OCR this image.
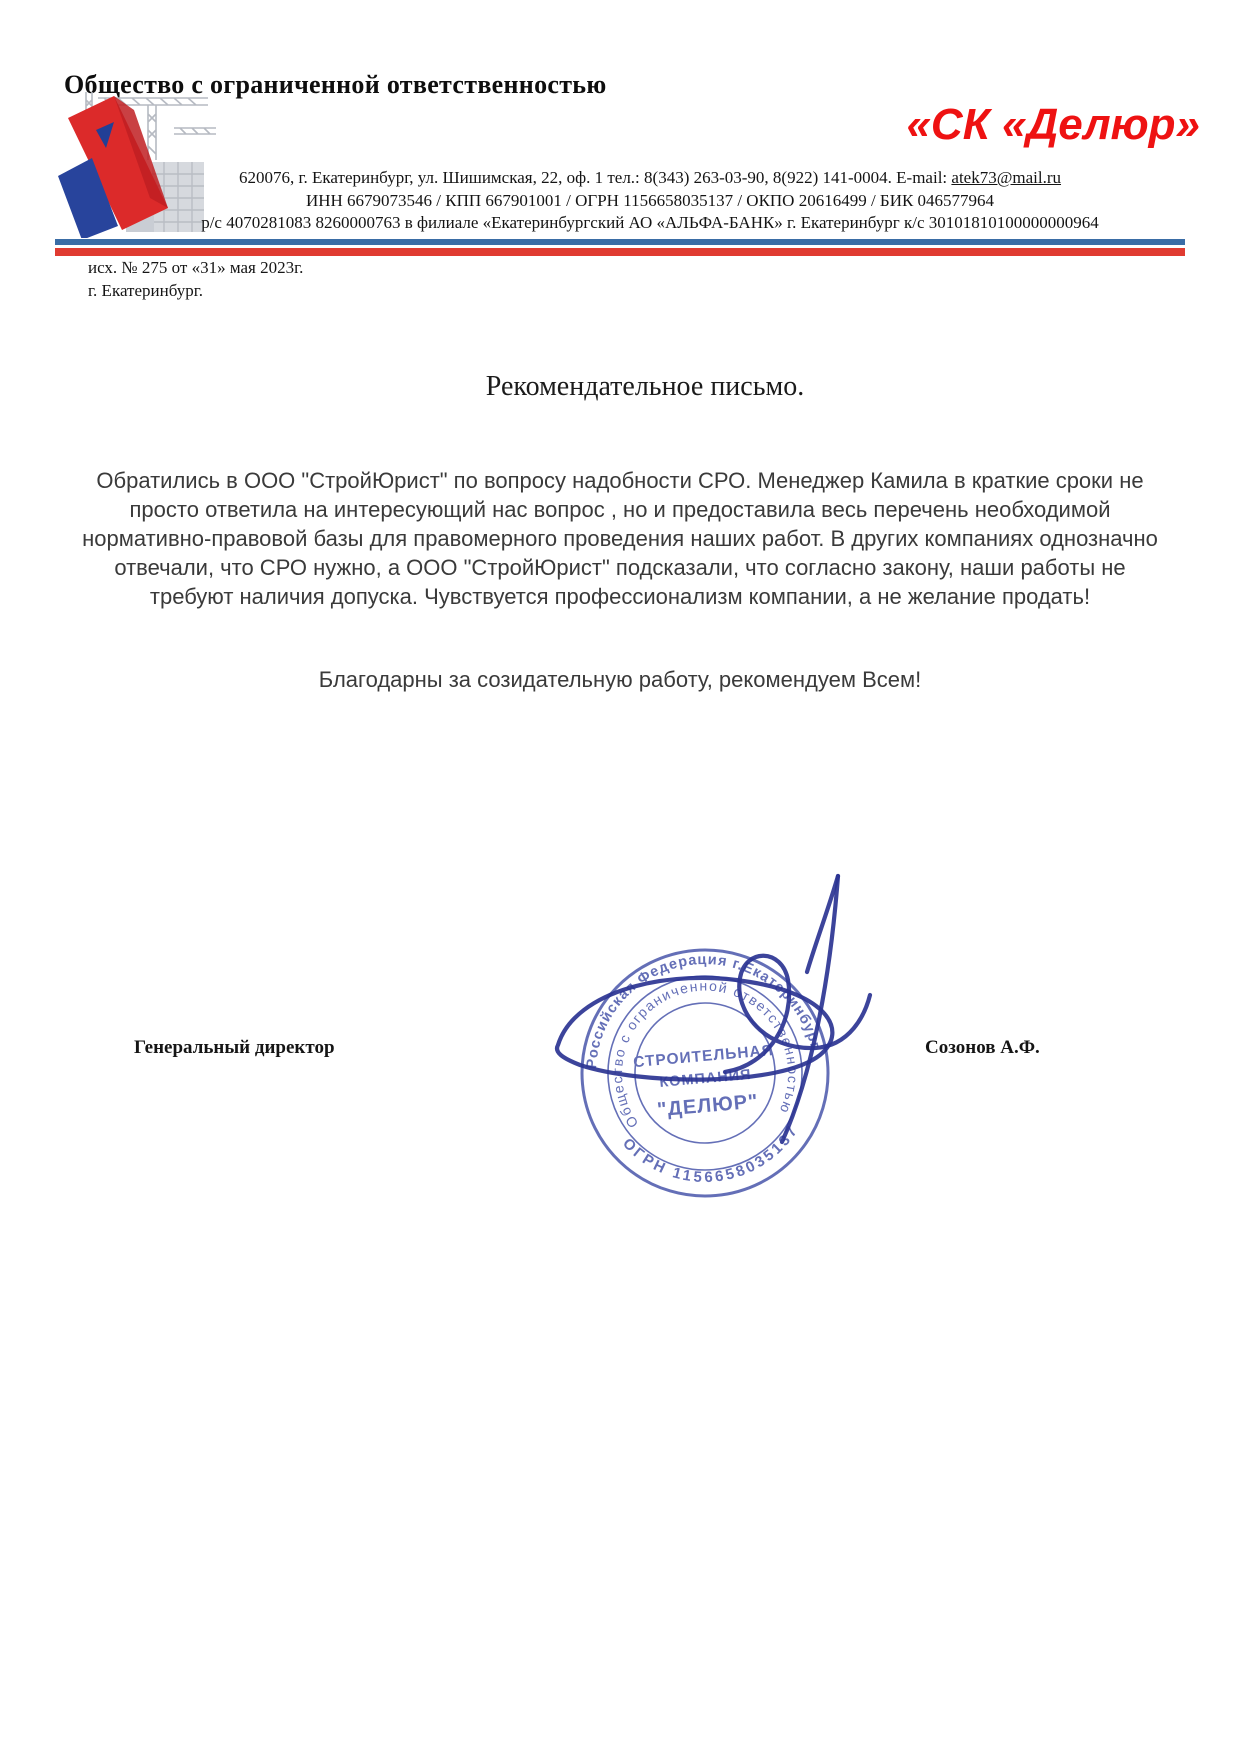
Общество с ограниченной ответственностью
«СК «Делюр»
620076, г. Екатеринбург, ул. Шишимская, 22, оф. 1 тел.: 8(343) 263-03-90, 8(922) 141-0004. E-mail: atek73@mail.ru
ИНН 6679073546 / КПП 667901001 / ОГРН 1156658035137 / ОКПО 20616499 / БИК 046577964
р/с 4070281083 8260000763 в филиале «Екатеринбургский АО «АЛЬФА-БАНК» г. Екатеринбург к/с 30101810100000000964
исх. № 275 от «31» мая 2023г.
г. Екатеринбург.
Рекомендательное письмо.
Обратились в ООО "СтройЮрист" по вопросу надобности СРО. Менеджер Камила в краткие сроки не просто ответила на интересующий нас вопрос , но и предоставила весь перечень необходимой нормативно-правовой базы для правомерного проведения наших работ. В других компаниях однозначно отвечали, что СРО нужно, а ООО "СтройЮрист" подсказали, что согласно закону, наши работы не требуют наличия допуска. Чувствуется профессионализм компании, а не желание продать!
Благодарны за созидательную работу, рекомендуем Всем!
Генеральный директор
Российская Федерация г.Екатеринбург
ОГРН 1156658035137
Общество с ограниченной ответственностью
СТРОИТЕЛЬНАЯ
КОМПАНИЯ
"ДЕЛЮР"
Созонов А.Ф.
